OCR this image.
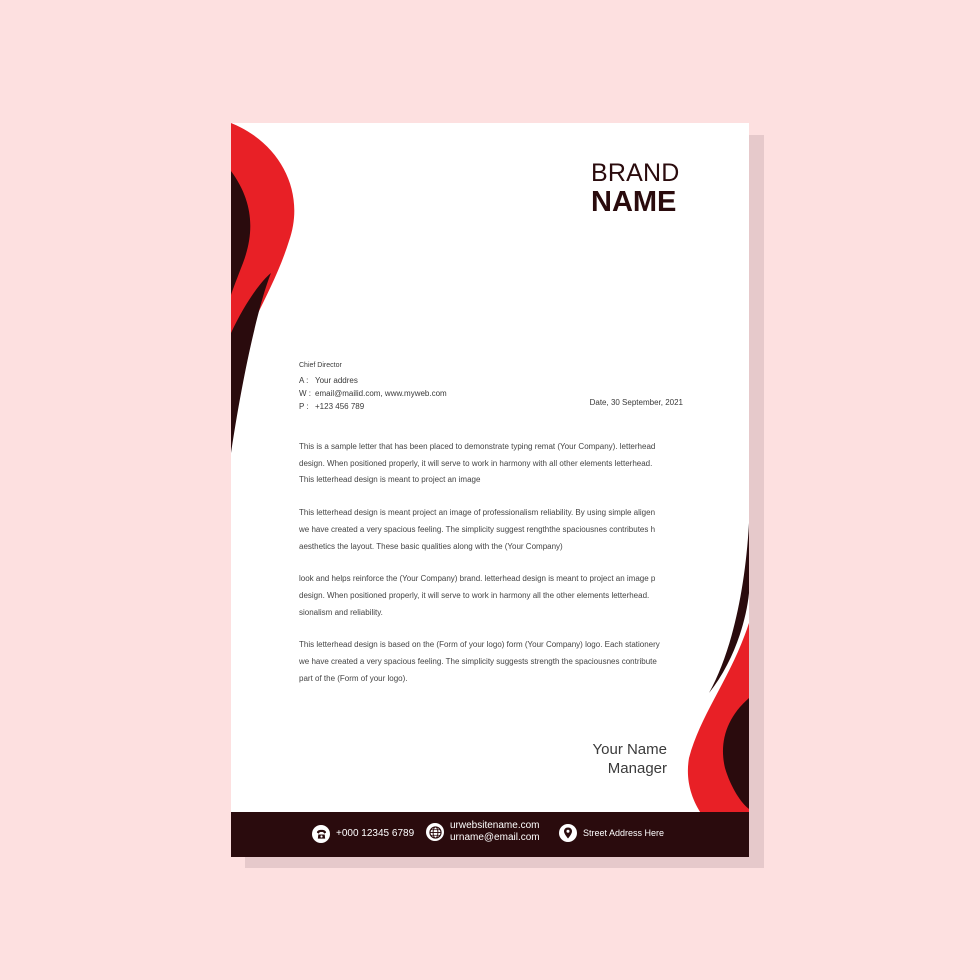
BRAND
NAME
Chief Director
A : Your addres
W : email@mailid.com, www.myweb.com
P : +123 456 789	Date, 30 September, 2021
This is a sample letter that has been placed to demonstrate typing remat (Your Company). letterhead
design. When positioned properly, it will serve to work in harmony with all other elements letterhead.
This letterhead design is meant to project an image
This letterhead design is meant project an image of professionalism reliability. By using simple aligen
we have created a very spacious feeling. The simplicity suggest rengththe spaciousnes contributes h
aesthetics the layout. These basic qualities along with the (Your Company)
look and helps reinforce the (Your Company) brand. letterhead design is meant to project an image p
design. When positioned properly, it will serve to work in harmony all the other elements letterhead.
sionalism and reliability.
This letterhead design is based on the (Form of your logo) form (Your Company) logo. Each stationery
we have created a very spacious feeling. The simplicity suggests strength the spaciousnes contribute
part of the (Form of your logo).
Your Name
Manager
+000 12345 6789
urwebsitename.com
urname@email.com	Street Address Here
